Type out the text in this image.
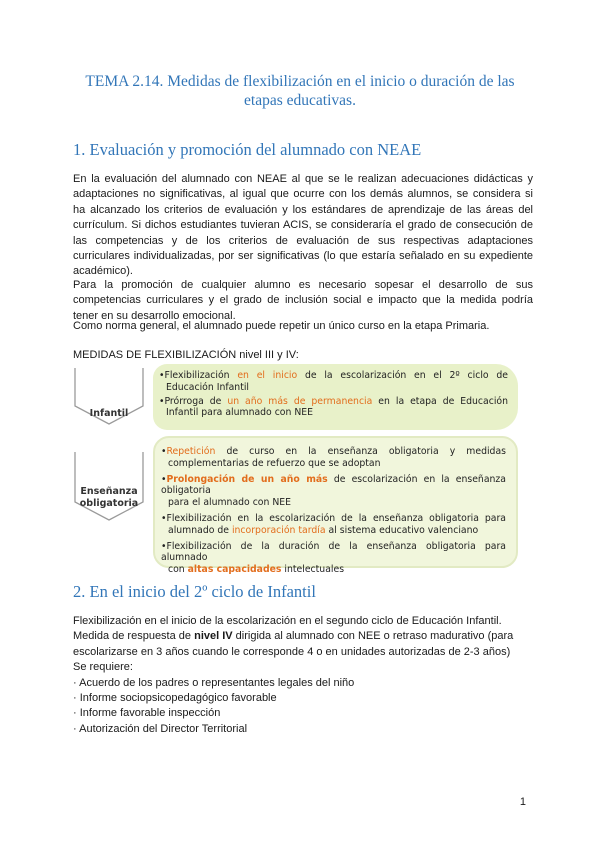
TEMA 2.14. Medidas de flexibilización en el inicio o duración de las
etapas educativas.
1. Evaluación y promoción del alumnado con NEAE
En la evaluación del alumnado con NEAE al que se le realizan adecuaciones didácticas y
adaptaciones no significativas, al igual que ocurre con los demás alumnos, se considera si
ha alcanzado los criterios de evaluación y los estándares de aprendizaje de las áreas del
currículum. Si dichos estudiantes tuvieran ACIS, se consideraría el grado de consecución de
las competencias y de los criterios de evaluación de sus respectivas adaptaciones
curriculares individualizadas, por ser significativas (lo que estaría señalado en su expediente
académico).
Para la promoción de cualquier alumno es necesario sopesar el desarrollo de sus
competencias curriculares y el grado de inclusión social e impacto que la medida podría
tener en su desarrollo emocional.
Como norma general, el alumnado puede repetir un único curso en la etapa Primaria.
MEDIDAS DE FLEXIBILIZACIÓN nivel III y IV:
Infantil
Enseñanza
obligatoria
•Flexibilización en el inicio de la escolarización en el 2º ciclo de
Educación Infantil
•Prórroga de un año más de permanencia en la etapa de Educación
Infantil para alumnado con NEE
•Repetición de curso en la enseñanza obligatoria y medidas
complementarias de refuerzo que se adoptan
•Prolongación de un año más de escolarización en la enseñanza obligatoria
para el alumnado con NEE
•Flexibilización en la escolarización de la enseñanza obligatoria para
alumnado de incorporación tardía al sistema educativo valenciano
•Flexibilización de la duración de la enseñanza obligatoria para alumnado
con altas capacidades intelectuales
2. En el inicio del 2º ciclo de Infantil
Flexibilización en el inicio de la escolarización en el segundo ciclo de Educación Infantil.
Medida de respuesta de nivel IV dirigida al alumnado con NEE o retraso madurativo (para
escolarizarse en 3 años cuando le corresponde 4 o en unidades autorizadas de 2-3 años)
Se requiere:
· Acuerdo de los padres o representantes legales del niño
· Informe sociopsicopedagógico favorable
· Informe favorable inspección
· Autorización del Director Territorial
1
